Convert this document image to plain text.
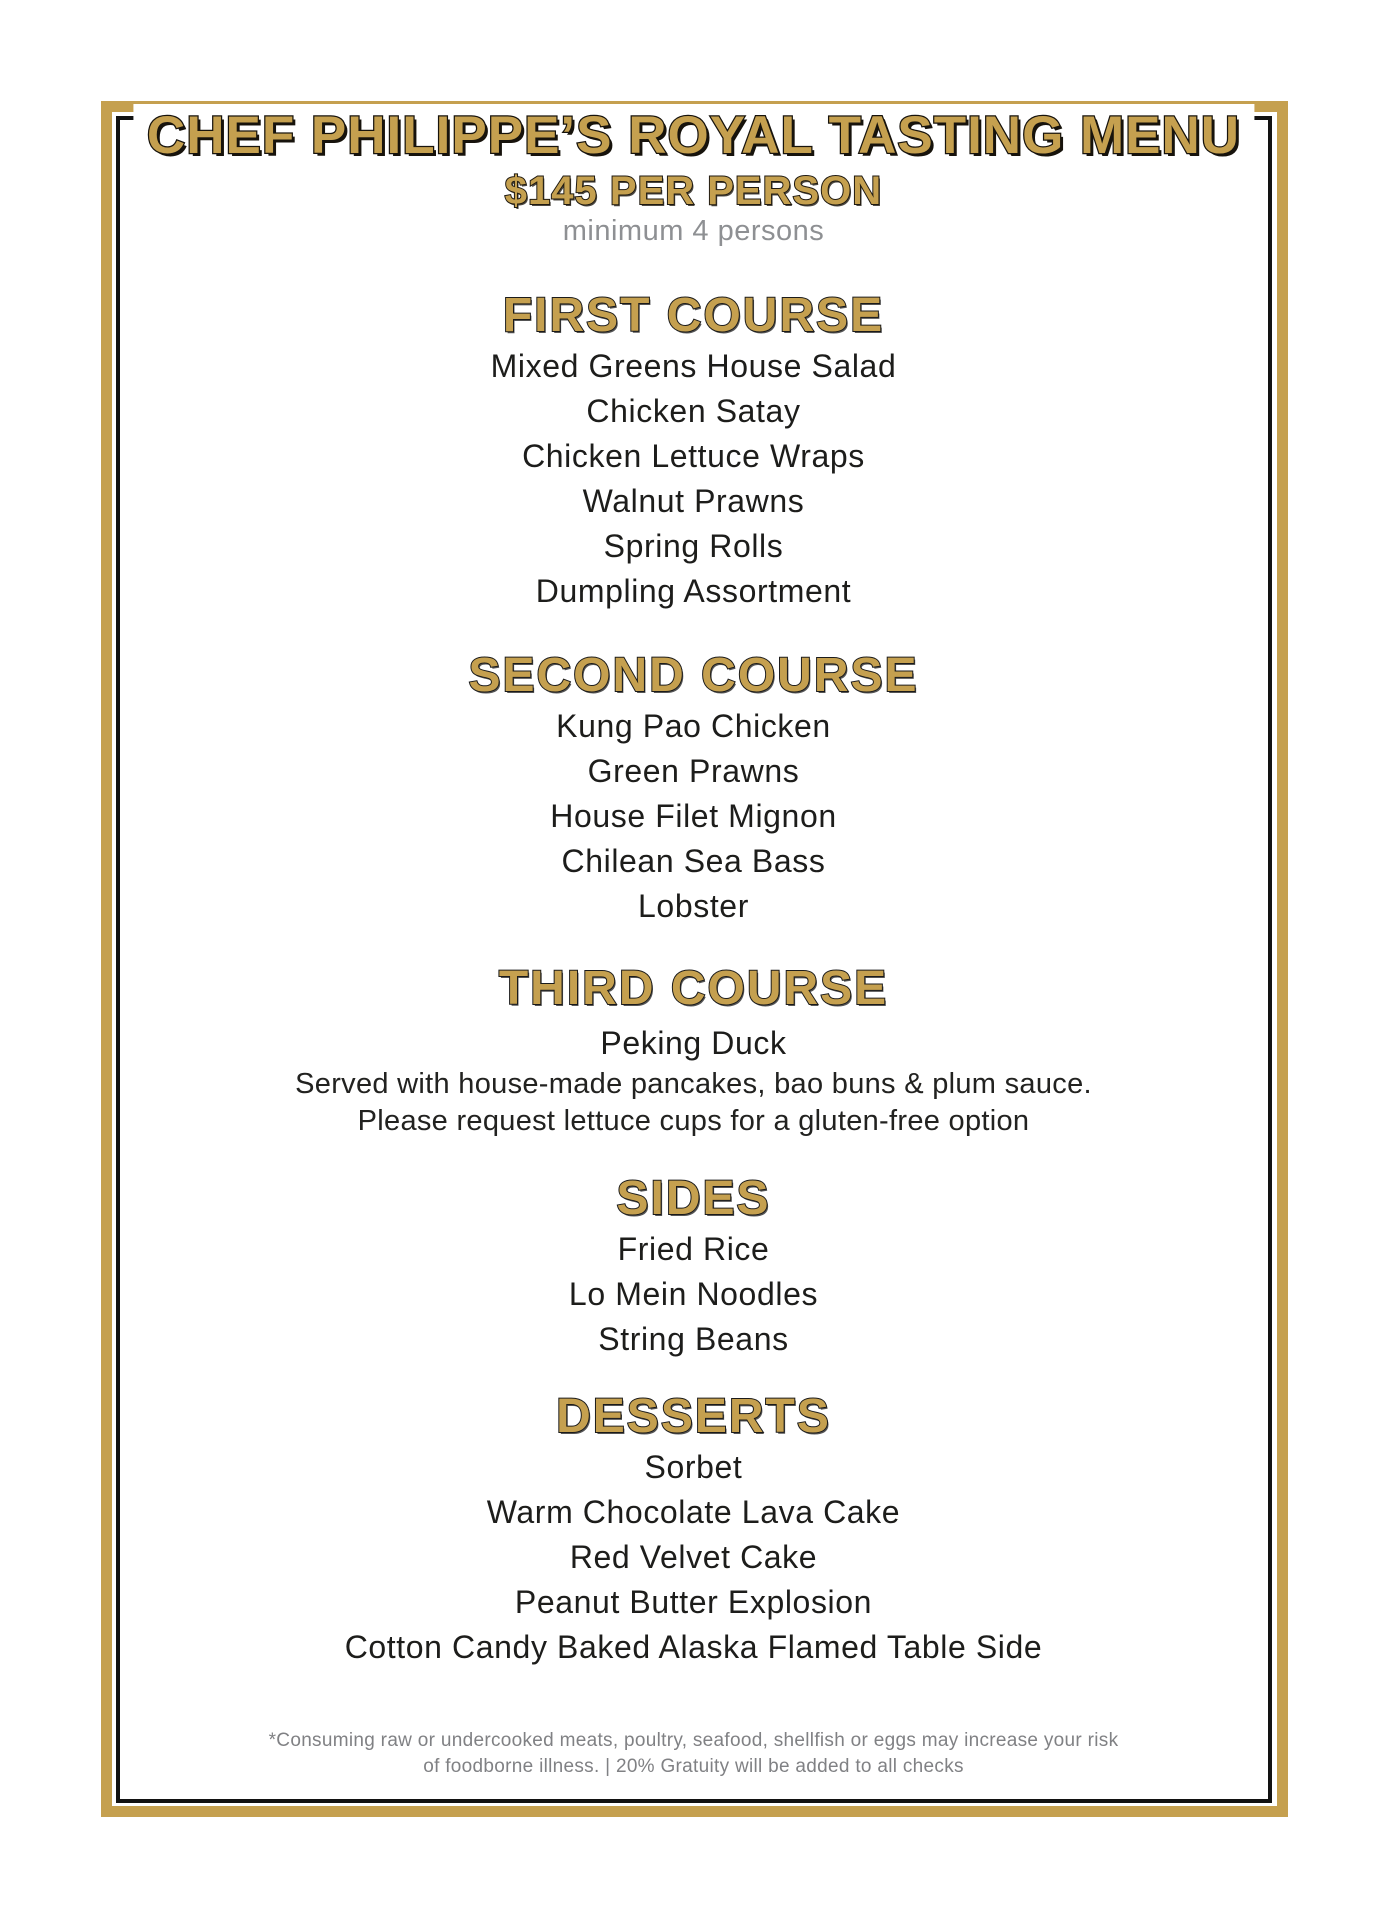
CHEF PHILIPPE’S ROYAL TASTING MENU
$145 PER PERSON
minimum 4 persons
FIRST COURSE
Mixed Greens House Salad
Chicken Satay
Chicken Lettuce Wraps
Walnut Prawns
Spring Rolls
Dumpling Assortment
SECOND COURSE
Kung Pao Chicken
Green Prawns
House Filet Mignon
Chilean Sea Bass
Lobster
THIRD COURSE
Peking Duck
Served with house-made pancakes, bao buns & plum sauce.
Please request lettuce cups for a gluten-free option
SIDES
Fried Rice
Lo Mein Noodles
String Beans
DESSERTS
Sorbet
Warm Chocolate Lava Cake
Red Velvet Cake
Peanut Butter Explosion
Cotton Candy Baked Alaska Flamed Table Side
*Consuming raw or undercooked meats, poultry, seafood, shellfish or eggs may increase your risk
of foodborne illness. | 20% Gratuity will be added to all checks
